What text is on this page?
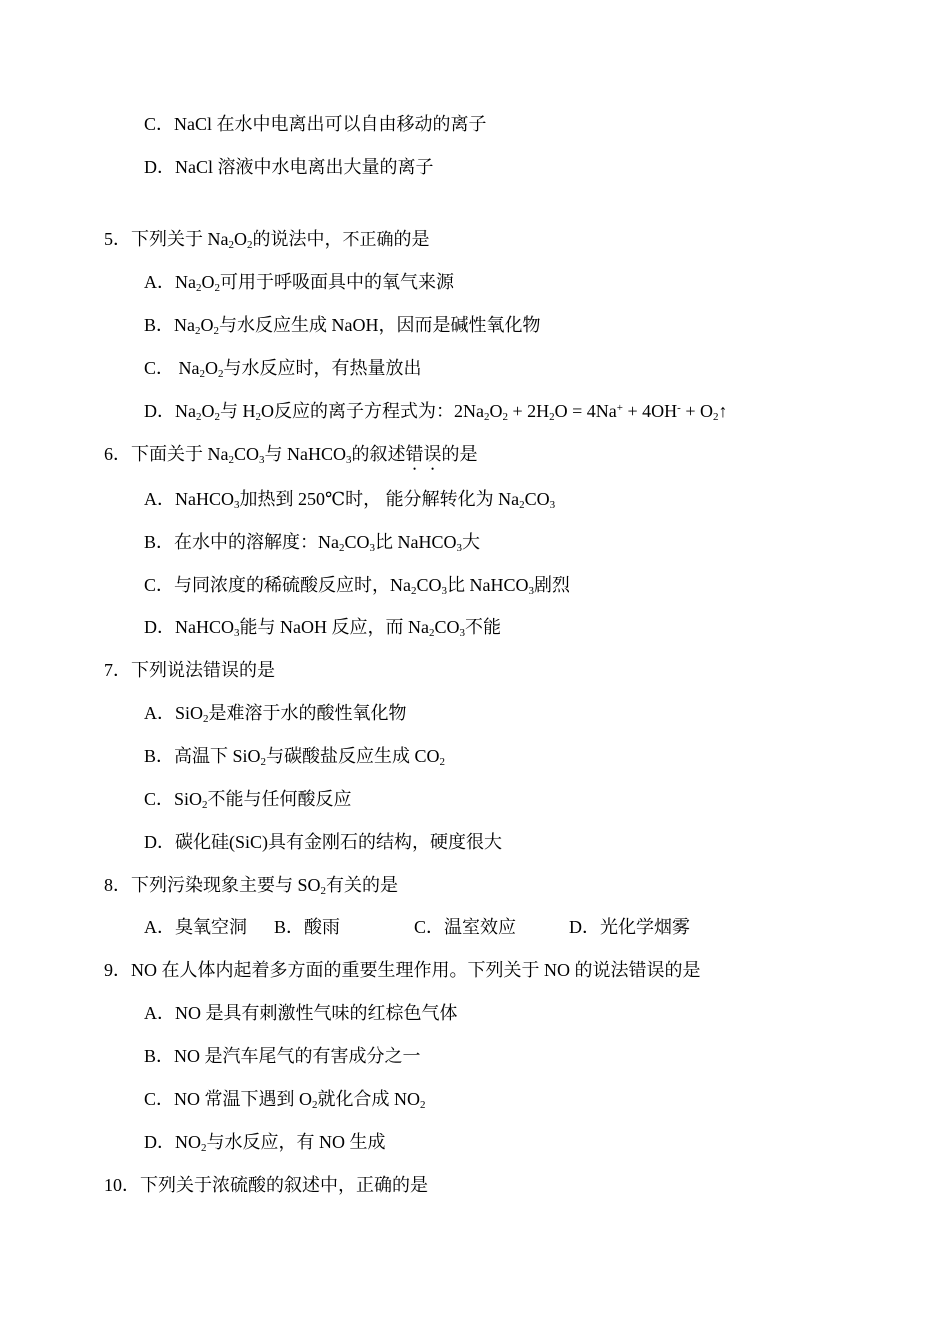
C．NaCl 在水中电离出可以自由移动的离子
D．NaCl 溶液中水电离出大量的离子
5．下列关于 $Na_2O_2$的说法中，不正确的是
A．$Na_2O_2$可用于呼吸面具中的氧气来源
B．$Na_2O_2$与水反应生成 NaOH，因而是碱性氧化物
C． $Na_2O_2$与水反应时，有热量放出
D．$Na_2O_2$与 $H_2O$反应的离子方程式为：$2Na_2O_2 + 2H_2O = 4Na^+ + 4OH^-$ + $O_2↑$
6．下面关于 $Na_2CO_3$与 NaHCO$_3$的叙述错误的是
A．NaHCO$_3$加热到 250℃时， 能分解转化为 $Na_2CO_3$
B．在水中的溶解度：$Na_2CO_3$比 NaHCO$_3$大
C．与同浓度的稀硫酸反应时，$Na_2CO_3$比 NaHCO$_3$剧烈
D．NaHCO$_3$能与 NaOH 反应，而 $Na_2CO_3$不能
7．下列说法错误的是
A．SiO$_2$是难溶于水的酸性氧化物
B．高温下 SiO$_2$与碳酸盐反应生成 $CO_2$
C．SiO$_2$不能与任何酸反应
D．碳化硅(SiC)具有金刚石的结构，硬度很大
8．下列污染现象主要与 $SO_2$有关的是
A．臭氧空洞 B．酸雨	C．温室效应	D．光化学烟雾
9．NO 在人体内起着多方面的重要生理作用。下列关于 NO 的说法错误的是
A．NO 是具有刺激性气味的红棕色气体
B．NO 是汽车尾气的有害成分之一
C．NO 常温下遇到 $O_2$就化合成 $NO_2$
D．$NO_2$与水反应，有 NO 生成
10．下列关于浓硫酸的叙述中，正确的是
